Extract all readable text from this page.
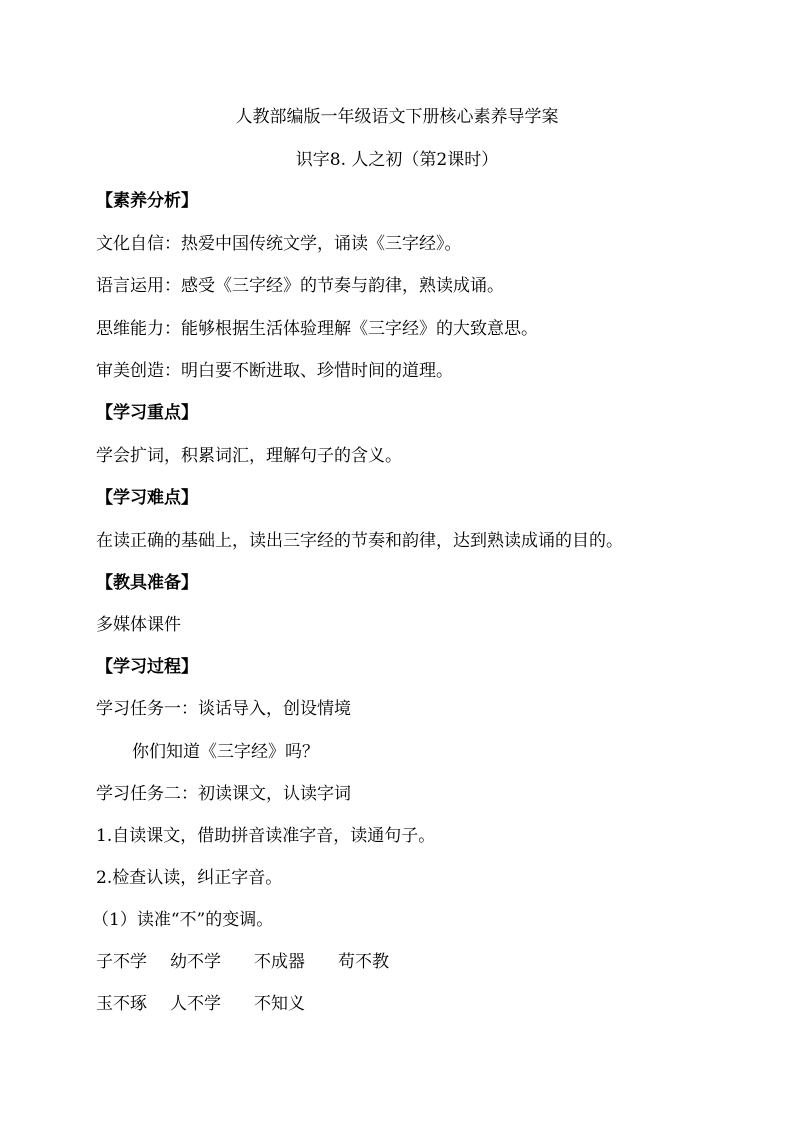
人教部编版一年级语文下册核心素养导学案
识字8. 人之初（第2课时）
【素养分析】
文化自信：热爱中国传统文学，诵读《三字经》。
语言运用：感受《三字经》的节奏与韵律，熟读成诵。
思维能力：能够根据生活体验理解《三字经》的大致意思。
审美创造：明白要不断进取、珍惜时间的道理。
【学习重点】
学会扩词，积累词汇，理解句子的含义。
【学习难点】
在读正确的基础上，读出三字经的节奏和韵律，达到熟读成诵的目的。
【教具准备】
多媒体课件
【学习过程】
学习任务一：谈话导入，创设情境
你们知道《三字经》吗？
学习任务二：初读课文，认读字词
1.自读课文，借助拼音读准字音，读通句子。
2.检查认读，纠正字音。
（1）读准“不”的变调。
子不学 幼不学 不成器 苟不教
玉不琢 人不学 不知义
